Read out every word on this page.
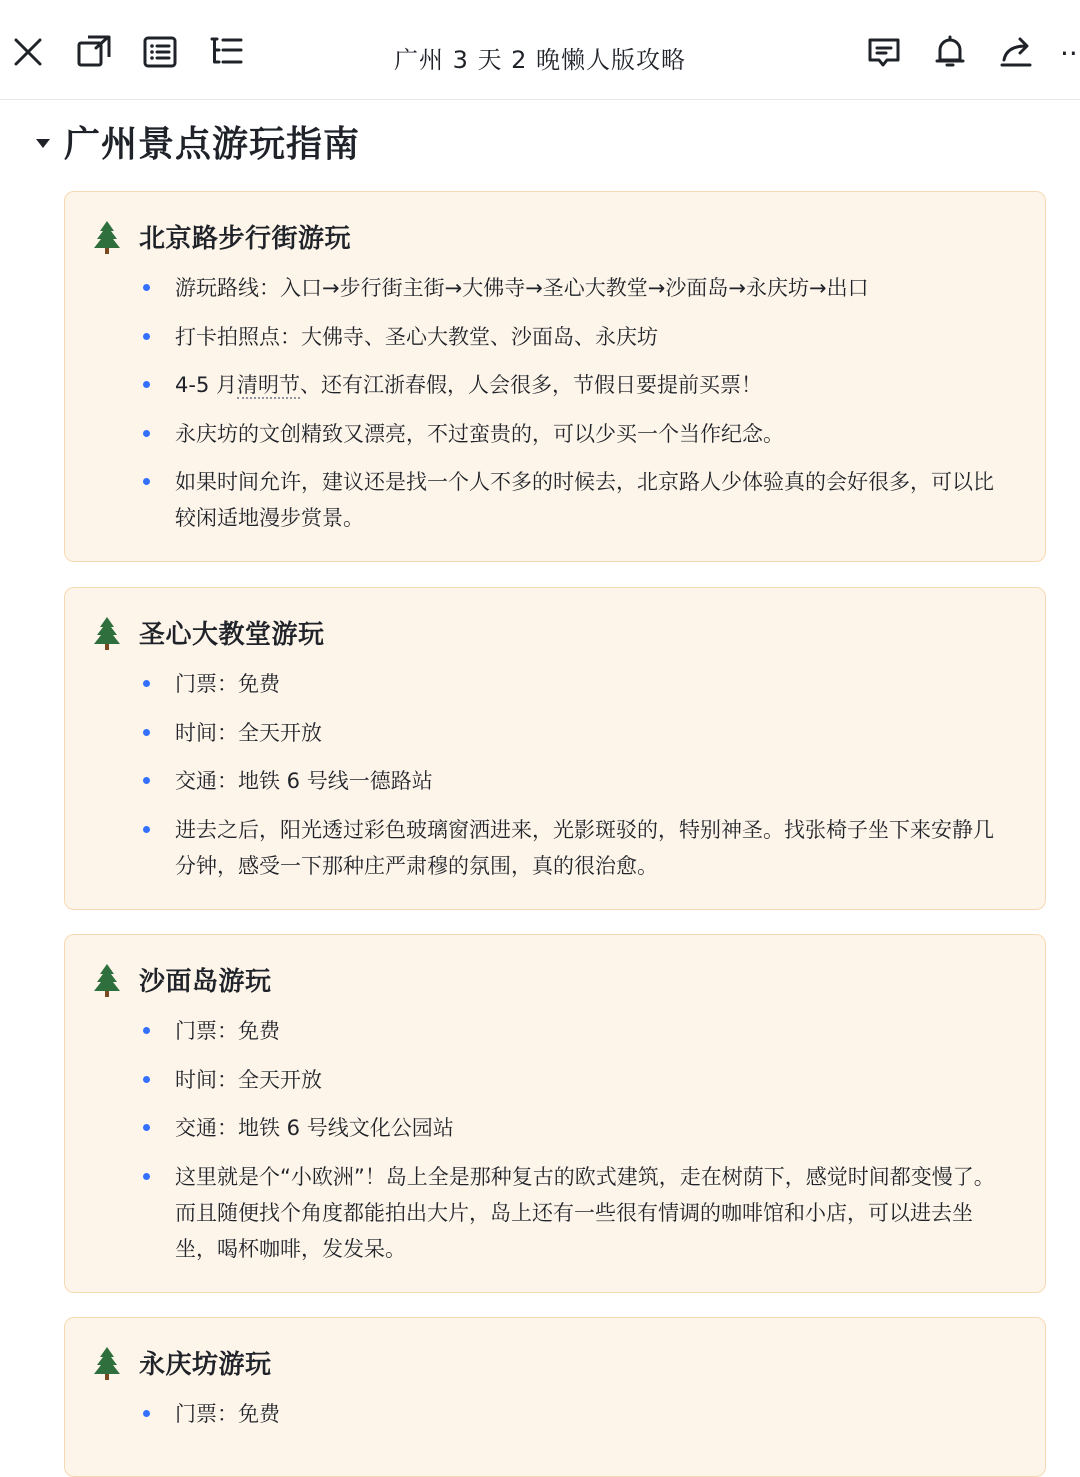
广州 3 天 2 晚懒人版攻略	··
广州景点游玩指南
北京路步行街游玩
游玩路线：入口→步行街主街→大佛寺→圣心大教堂→沙面岛→永庆坊→出口
打卡拍照点：大佛寺、圣心大教堂、沙面岛、永庆坊
4-5 月清明节、还有江浙春假，人会很多，节假日要提前买票！
永庆坊的文创精致又漂亮，不过蛮贵的，可以少买一个当作纪念。
如果时间允许，建议还是找一个人不多的时候去，北京路人少体验真的会好很多，可以比较闲适地漫步赏景。
圣心大教堂游玩
门票：免费
时间：全天开放
交通：地铁 6 号线一德路站
进去之后，阳光透过彩色玻璃窗洒进来，光影斑驳的，特别神圣。找张椅子坐下来安静几分钟，感受一下那种庄严肃穆的氛围，真的很治愈。
沙面岛游玩
门票：免费
时间：全天开放
交通：地铁 6 号线文化公园站
这里就是个“小欧洲”！岛上全是那种复古的欧式建筑，走在树荫下，感觉时间都变慢了。而且随便找个角度都能拍出大片，岛上还有一些很有情调的咖啡馆和小店，可以进去坐坐，喝杯咖啡，发发呆。
永庆坊游玩
门票：免费
